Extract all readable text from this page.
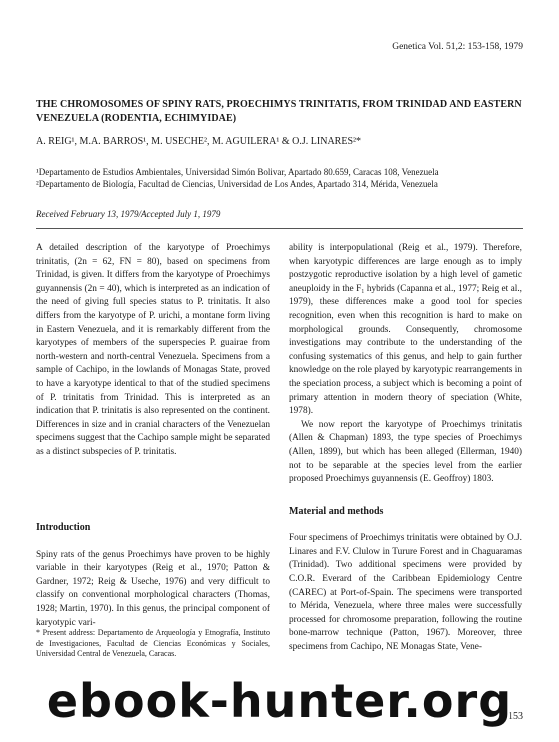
Genetica Vol. 51,2: 153-158, 1979
THE CHROMOSOMES OF SPINY RATS, PROECHIMYS TRINITATIS, FROM TRINIDAD AND EASTERN VENEZUELA (RODENTIA, ECHIMYIDAE)
A. REIG¹, M.A. BARROS¹, M. USECHE², M. AGUILERA¹ & O.J. LINARES²*
¹Departamento de Estudios Ambientales, Universidad Simón Bolivar, Apartado 80.659, Caracas 108, Venezuela
²Departamento de Biología, Facultad de Ciencias, Universidad de Los Andes, Apartado 314, Mérida, Venezuela
Received February 13, 1979/Accepted July 1, 1979

A detailed description of the karyotype of Proechimys trinitatis, (2n = 62, FN = 80), based on specimens from Trinidad, is given. It differs from the karyotype of Proechimys guyannensis (2n = 40), which is interpreted as an indication of the need of giving full species status to P. trinitatis. It also differs from the karyotype of P. urichi, a montane form living in Eastern Venezuela, and it is remarkably different from the karyotypes of members of the superspecies P. guairae from north-western and north-central Venezuela. Specimens from a sample of Cachipo, in the lowlands of Monagas State, proved to have a karyotype identical to that of the studied specimens of P. trinitatis from Trinidad. This is interpreted as an indication that P. trinitatis is also represented on the continent. Differences in size and in cranial characters of the Venezuelan specimens suggest that the Cachipo sample might be separated as a distinct subspecies of P. trinitatis.

Introduction

Spiny rats of the genus Proechimys have proven to be highly variable in their karyotypes (Reig et al., 1970; Patton & Gardner, 1972; Reig & Useche, 1976) and very difficult to classify on conventional morphological characters (Thomas, 1928; Martin, 1970). In this genus, the principal component of karyotypic vari-

* Present address: Departamento de Arqueología y Etnografía, Instituto de Investigaciones, Facultad de Ciencias Económicas y Sociales, Universidad Central de Venezuela, Caracas.

ability is interpopulational (Reig et al., 1979). Therefore, when karyotypic differences are large enough as to imply postzygotic reproductive isolation by a high level of gametic aneuploidy in the F₁ hybrids (Capanna et al., 1977; Reig et al., 1979), these differences make a good tool for species recognition, even when this recognition is hard to make on morphological grounds. Consequently, chromosome investigations may contribute to the understanding of the confusing systematics of this genus, and help to gain further knowledge on the role played by karyotypic rearrangements in the speciation process, a subject which is becoming a point of primary attention in modern theory of speciation (White, 1978).

We now report the karyotype of Proechimys trinitatis (Allen & Chapman) 1893, the type species of Proechimys (Allen, 1899), but which has been alleged (Ellerman, 1940) not to be separable at the species level from the earlier proposed Proechimys guyannensis (E. Geoffroy) 1803.

Material and methods

Four specimens of Proechimys trinitatis were obtained by O.J. Linares and F.V. Clulow in Turure Forest and in Chaguaramas (Trinidad). Two additional specimens were provided by C.O.R. Everard of the Caribbean Epidemiology Centre (CAREC) at Port-of-Spain. The specimens were transported to Mérida, Venezuela, where three males were successfully processed for chromosome preparation, following the routine bone-marrow technique (Patton, 1967). Moreover, three specimens from Cachipo, NE Monagas State, Vene-

153
ebook-hunter.org
